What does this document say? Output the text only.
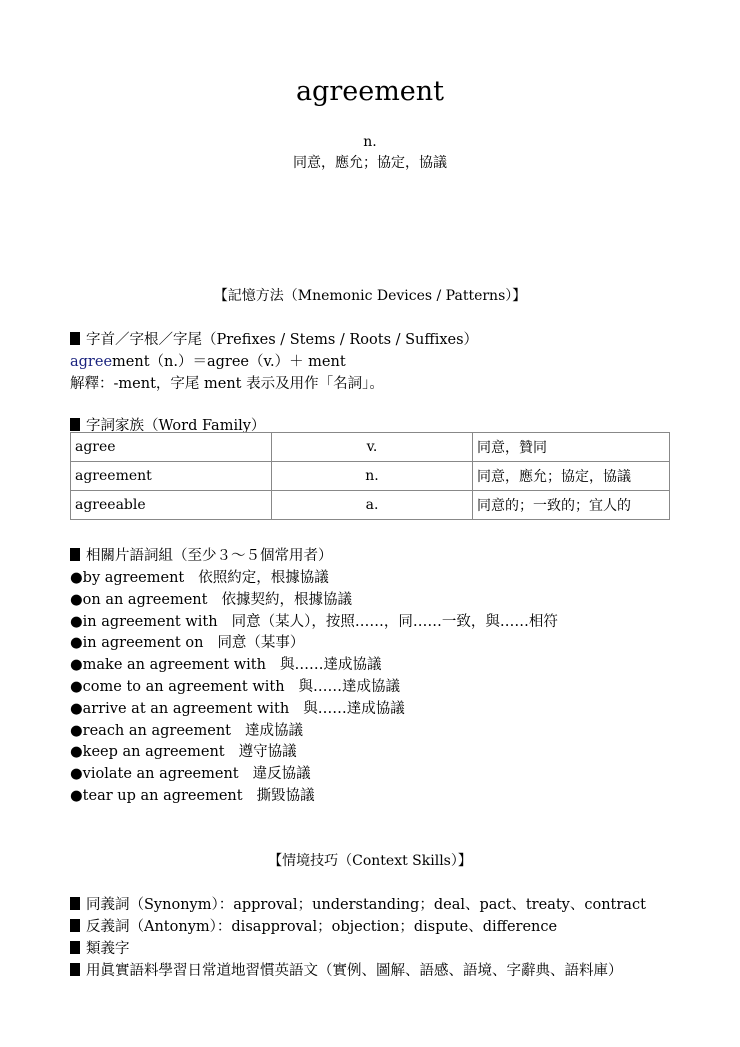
agreement
n.
同意，應允；協定，協議
【記憶方法（Mnemonic Devices / Patterns）】
字首／字根／字尾（Prefixes / Stems / Roots / Suffixes）
agreement（n.）＝agree（v.）＋ ment
解釋：-ment，字尾 ment 表示及用作「名詞」。
字詞家族（Word Family）
agree	v.	同意，贊同
agreement	n.	同意，應允；協定，協議
agreeable	a.	同意的；一致的；宜人的
相關片語詞組（至少３～５個常用者）
●by agreement 依照約定，根據協議
●on an agreement 依據契約，根據協議
●in agreement with 同意（某人），按照……，同……一致，與……相符
●in agreement on 同意（某事）
●make an agreement with 與……達成協議
●come to an agreement with 與……達成協議
●arrive at an agreement with 與……達成協議
●reach an agreement 達成協議
●keep an agreement 遵守協議
●violate an agreement 違反協議
●tear up an agreement 撕毀協議
【情境技巧（Context Skills）】
同義詞（Synonym）：approval；understanding；deal、pact、treaty、contract
反義詞（Antonym）：disapproval；objection；dispute、difference
類義字
用眞實語料學習日常道地習慣英語文（實例、圖解、語感、語境、字辭典、語料庫）
